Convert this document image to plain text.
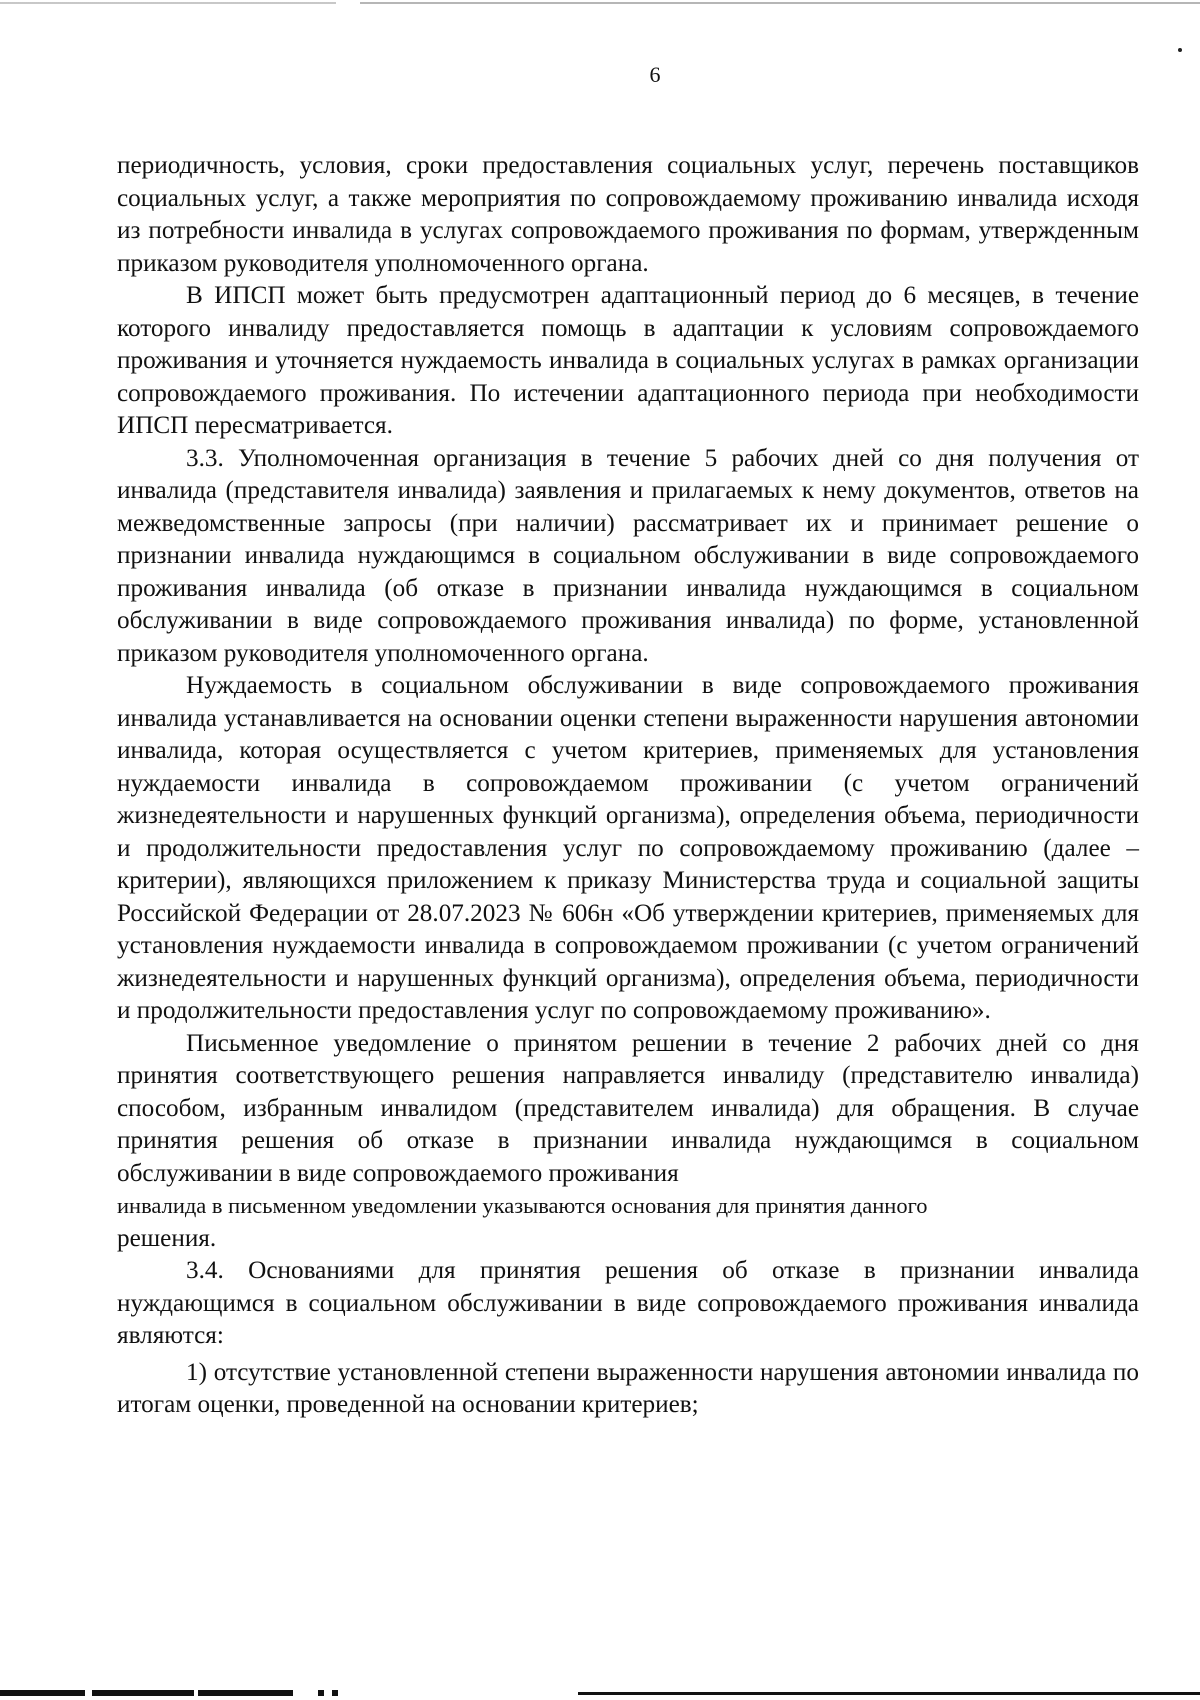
6

периодичность, условия, сроки предоставления социальных услуг, перечень поставщиков социальных услуг, а также мероприятия по сопровождаемому проживанию инвалида исходя из потребности инвалида в услугах сопровождаемого проживания по формам, утвержденным приказом руководителя уполномоченного органа.

В ИПСП может быть предусмотрен адаптационный период до 6 месяцев, в течение которого инвалиду предоставляется помощь в адаптации к условиям сопровождаемого проживания и уточняется нуждаемость инвалида в социальных услугах в рамках организации сопровождаемого проживания. По истечении адаптационного периода при необходимости ИПСП пересматривается.

3.3. Уполномоченная организация в течение 5 рабочих дней со дня получения от инвалида (представителя инвалида) заявления и прилагаемых к нему документов, ответов на межведомственные запросы (при наличии) рассматривает их и принимает решение о признании инвалида нуждающимся в социальном обслуживании в виде сопровождаемого проживания инвалида (об отказе в признании инвалида нуждающимся в социальном обслуживании в виде сопровождаемого проживания инвалида) по форме, установленной приказом руководителя уполномоченного органа.

Нуждаемость в социальном обслуживании в виде сопровождаемого проживания инвалида устанавливается на основании оценки степени выраженности нарушения автономии инвалида, которая осуществляется с учетом критериев, применяемых для установления нуждаемости инвалида в сопровождаемом проживании (с учетом ограничений жизнедеятельности и нарушенных функций организма), определения объема, периодичности и продолжительности предоставления услуг по сопровождаемому проживанию (далее – критерии), являющихся приложением к приказу Министерства труда и социальной защиты Российской Федерации от 28.07.2023 № 606н «Об утверждении критериев, применяемых для установления нуждаемости инвалида в сопровождаемом проживании (с учетом ограничений жизнедеятельности и нарушенных функций организма), определения объема, периодичности и продолжительности предоставления услуг по сопровождаемому проживанию».

Письменное уведомление о принятом решении в течение 2 рабочих дней со дня принятия соответствующего решения направляется инвалиду (представителю инвалида) способом, избранным инвалидом (представителем инвалида) для обращения. В случае принятия решения об отказе в признании инвалида нуждающимся в социальном обслуживании в виде сопровождаемого проживания

инвалида в письменном уведомлении указываются основания для принятия данного

решения.

3.4. Основаниями для принятия решения об отказе в признании инвалида нуждающимся в социальном обслуживании в виде сопровождаемого проживания инвалида являются:

1) отсутствие установленной степени выраженности нарушения автономии инвалида по итогам оценки, проведенной на основании критериев;
